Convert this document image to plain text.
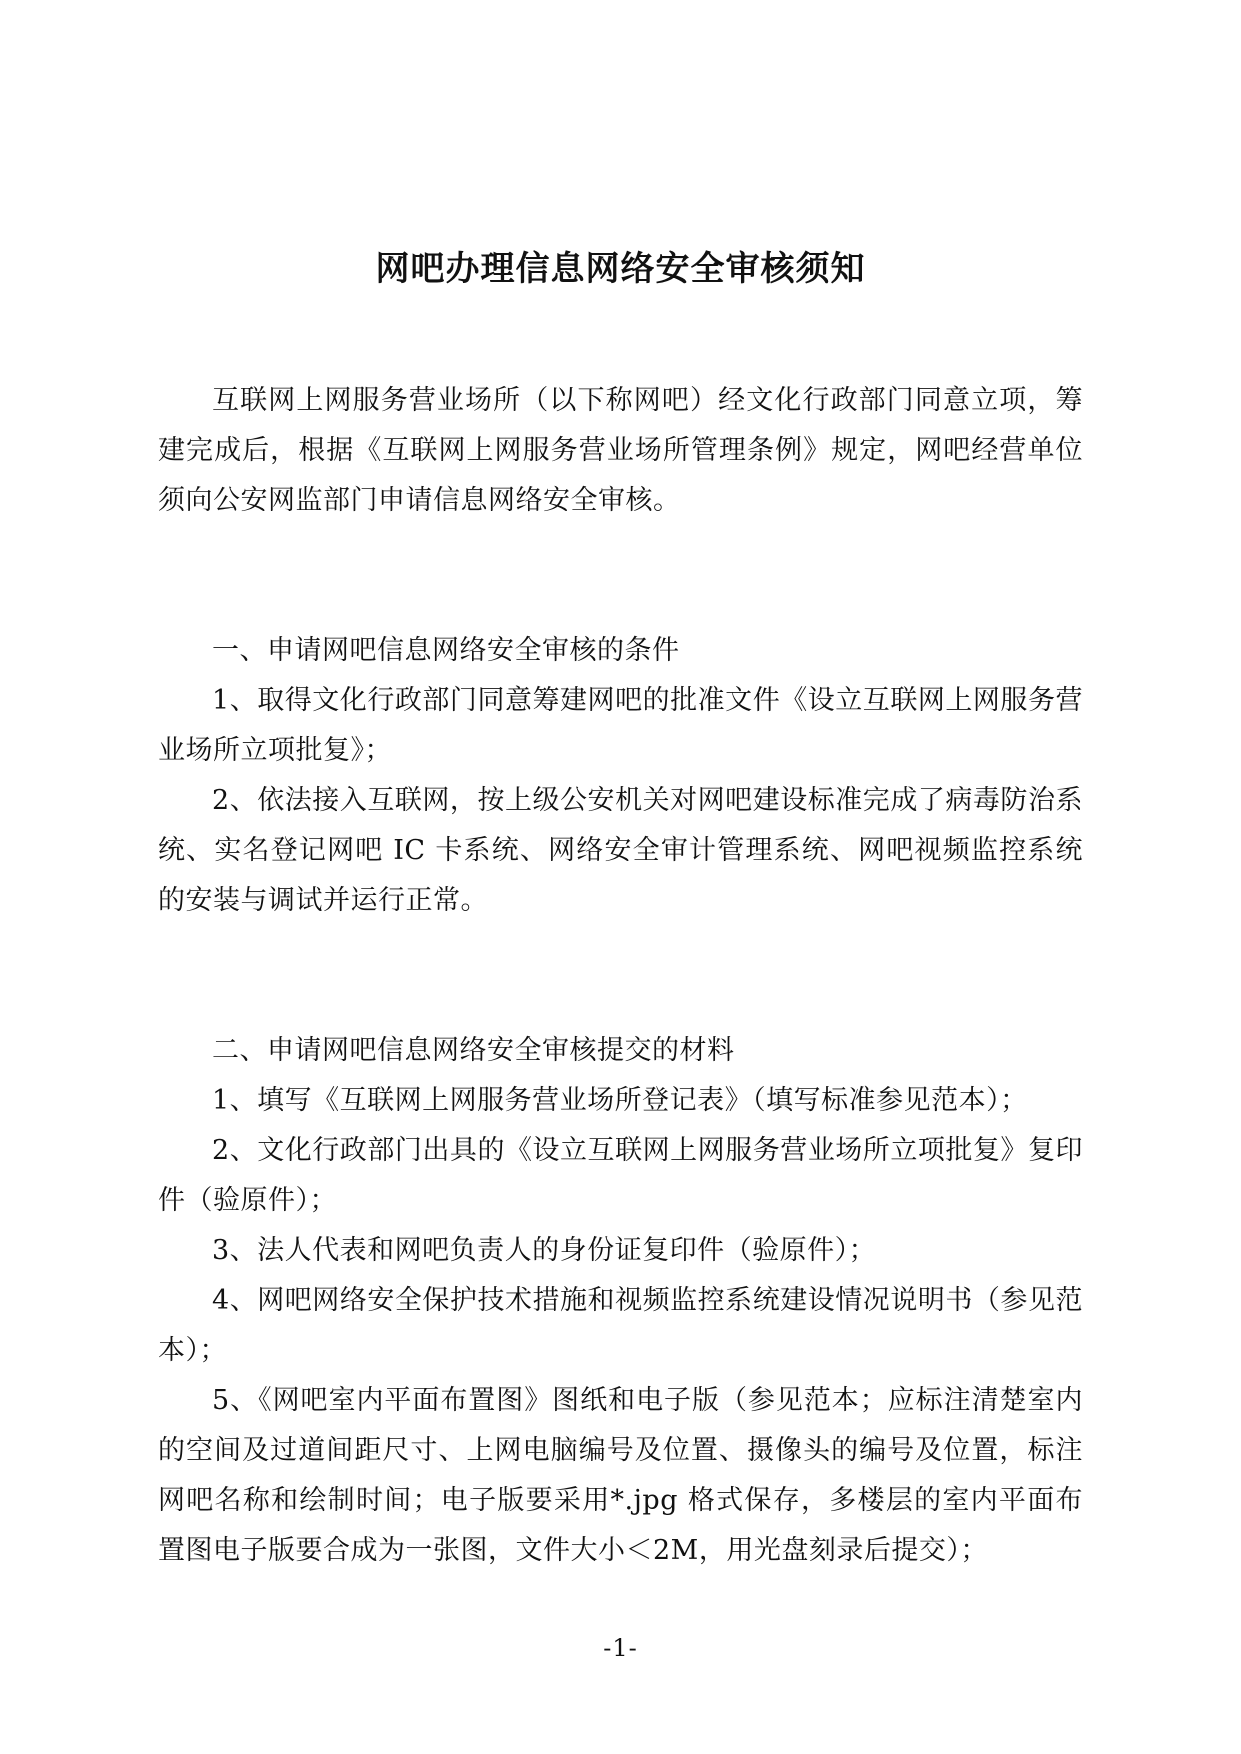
网吧办理信息网络安全审核须知

互联网上网服务营业场所（以下称网吧）经文化行政部门同意立项，筹建完成后，根据《互联网上网服务营业场所管理条例》规定，网吧经营单位须向公安网监部门申请信息网络安全审核。

一、申请网吧信息网络安全审核的条件

1、取得文化行政部门同意筹建网吧的批准文件《设立互联网上网服务营业场所立项批复》；

2、依法接入互联网，按上级公安机关对网吧建设标准完成了病毒防治系统、实名登记网吧 IC 卡系统、网络安全审计管理系统、网吧视频监控系统的安装与调试并运行正常。

二、申请网吧信息网络安全审核提交的材料

1、填写《互联网上网服务营业场所登记表》（填写标准参见范本）；

2、文化行政部门出具的《设立互联网上网服务营业场所立项批复》复印件（验原件）；

3、法人代表和网吧负责人的身份证复印件（验原件）；

4、网吧网络安全保护技术措施和视频监控系统建设情况说明书（参见范本）；

5、《网吧室内平面布置图》图纸和电子版（参见范本；应标注清楚室内的空间及过道间距尺寸、上网电脑编号及位置、摄像头的编号及位置，标注网吧名称和绘制时间；电子版要采用*.jpg 格式保存，多楼层的室内平面布置图电子版要合成为一张图，文件大小＜2M，用光盘刻录后提交）；

-1-
